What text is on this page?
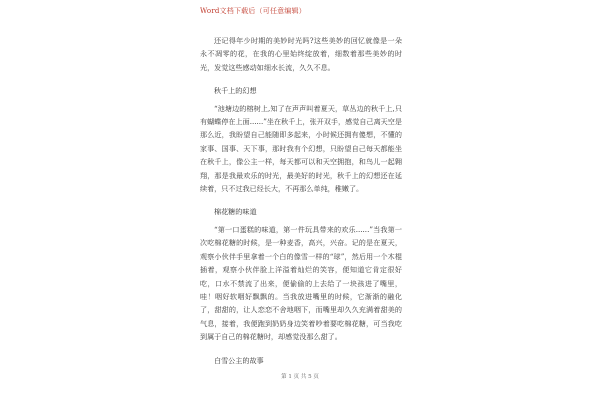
Word文档下载后（可任意编辑）

还记得年少时期的美妙时光吗?这些美妙的回忆就像是一朵永不凋零的花，在我的心里始终绽放着，细数着那些美妙的时光，发觉这些感动如细水长流，久久不息。

秋千上的幻想

“池塘边的榕树上,知了在声声叫着夏天，草丛边的秋千上,只有蝴蝶停在上面......”坐在秋千上，张开双手，感觉自己离天空是那么近，我盼望自己能随即多起来，小时候还拥有傻想，不懂的家事、国事、天下事，那时我有个幻想，只盼望自己每天都能坐在秋千上，像公主一样，每天都可以和天空拥抱，和鸟儿一起翱翔，那是我最欢乐的时光，最美好的时光，秋千上的幻想还在延续着，只不过我已经长大，不再那么单纯，稚嫩了。

棉花糖的味道

“第一口蛋糕的味道，第一件玩具带来的欢乐......”当我第一次吃棉花糖的时候，是一种麦香，高兴，兴奋。记的是在夏天，观察小伙伴手里拿着一个白的像雪一样的“球”，然后用一个木棍插着，观察小伙伴脸上洋溢着灿烂的笑容，便知道它肯定很好吃，口水不禁流了出来，便偷偷的上去给了一块孩进了嘴里，哇！咽好软咽好飘飘的。当我放进嘴里的时候，它渐渐的融化了，甜甜的，让人恋恋不舍地咽下，而嘴里却久久充满着甜美的气息，接着，我便跑到奶奶身边笑着吵着要吃棉花糖，可当我吃到属于自己的棉花糖时，却感觉没那么甜了。

白雪公主的故事

第 1 页 共 5 页
